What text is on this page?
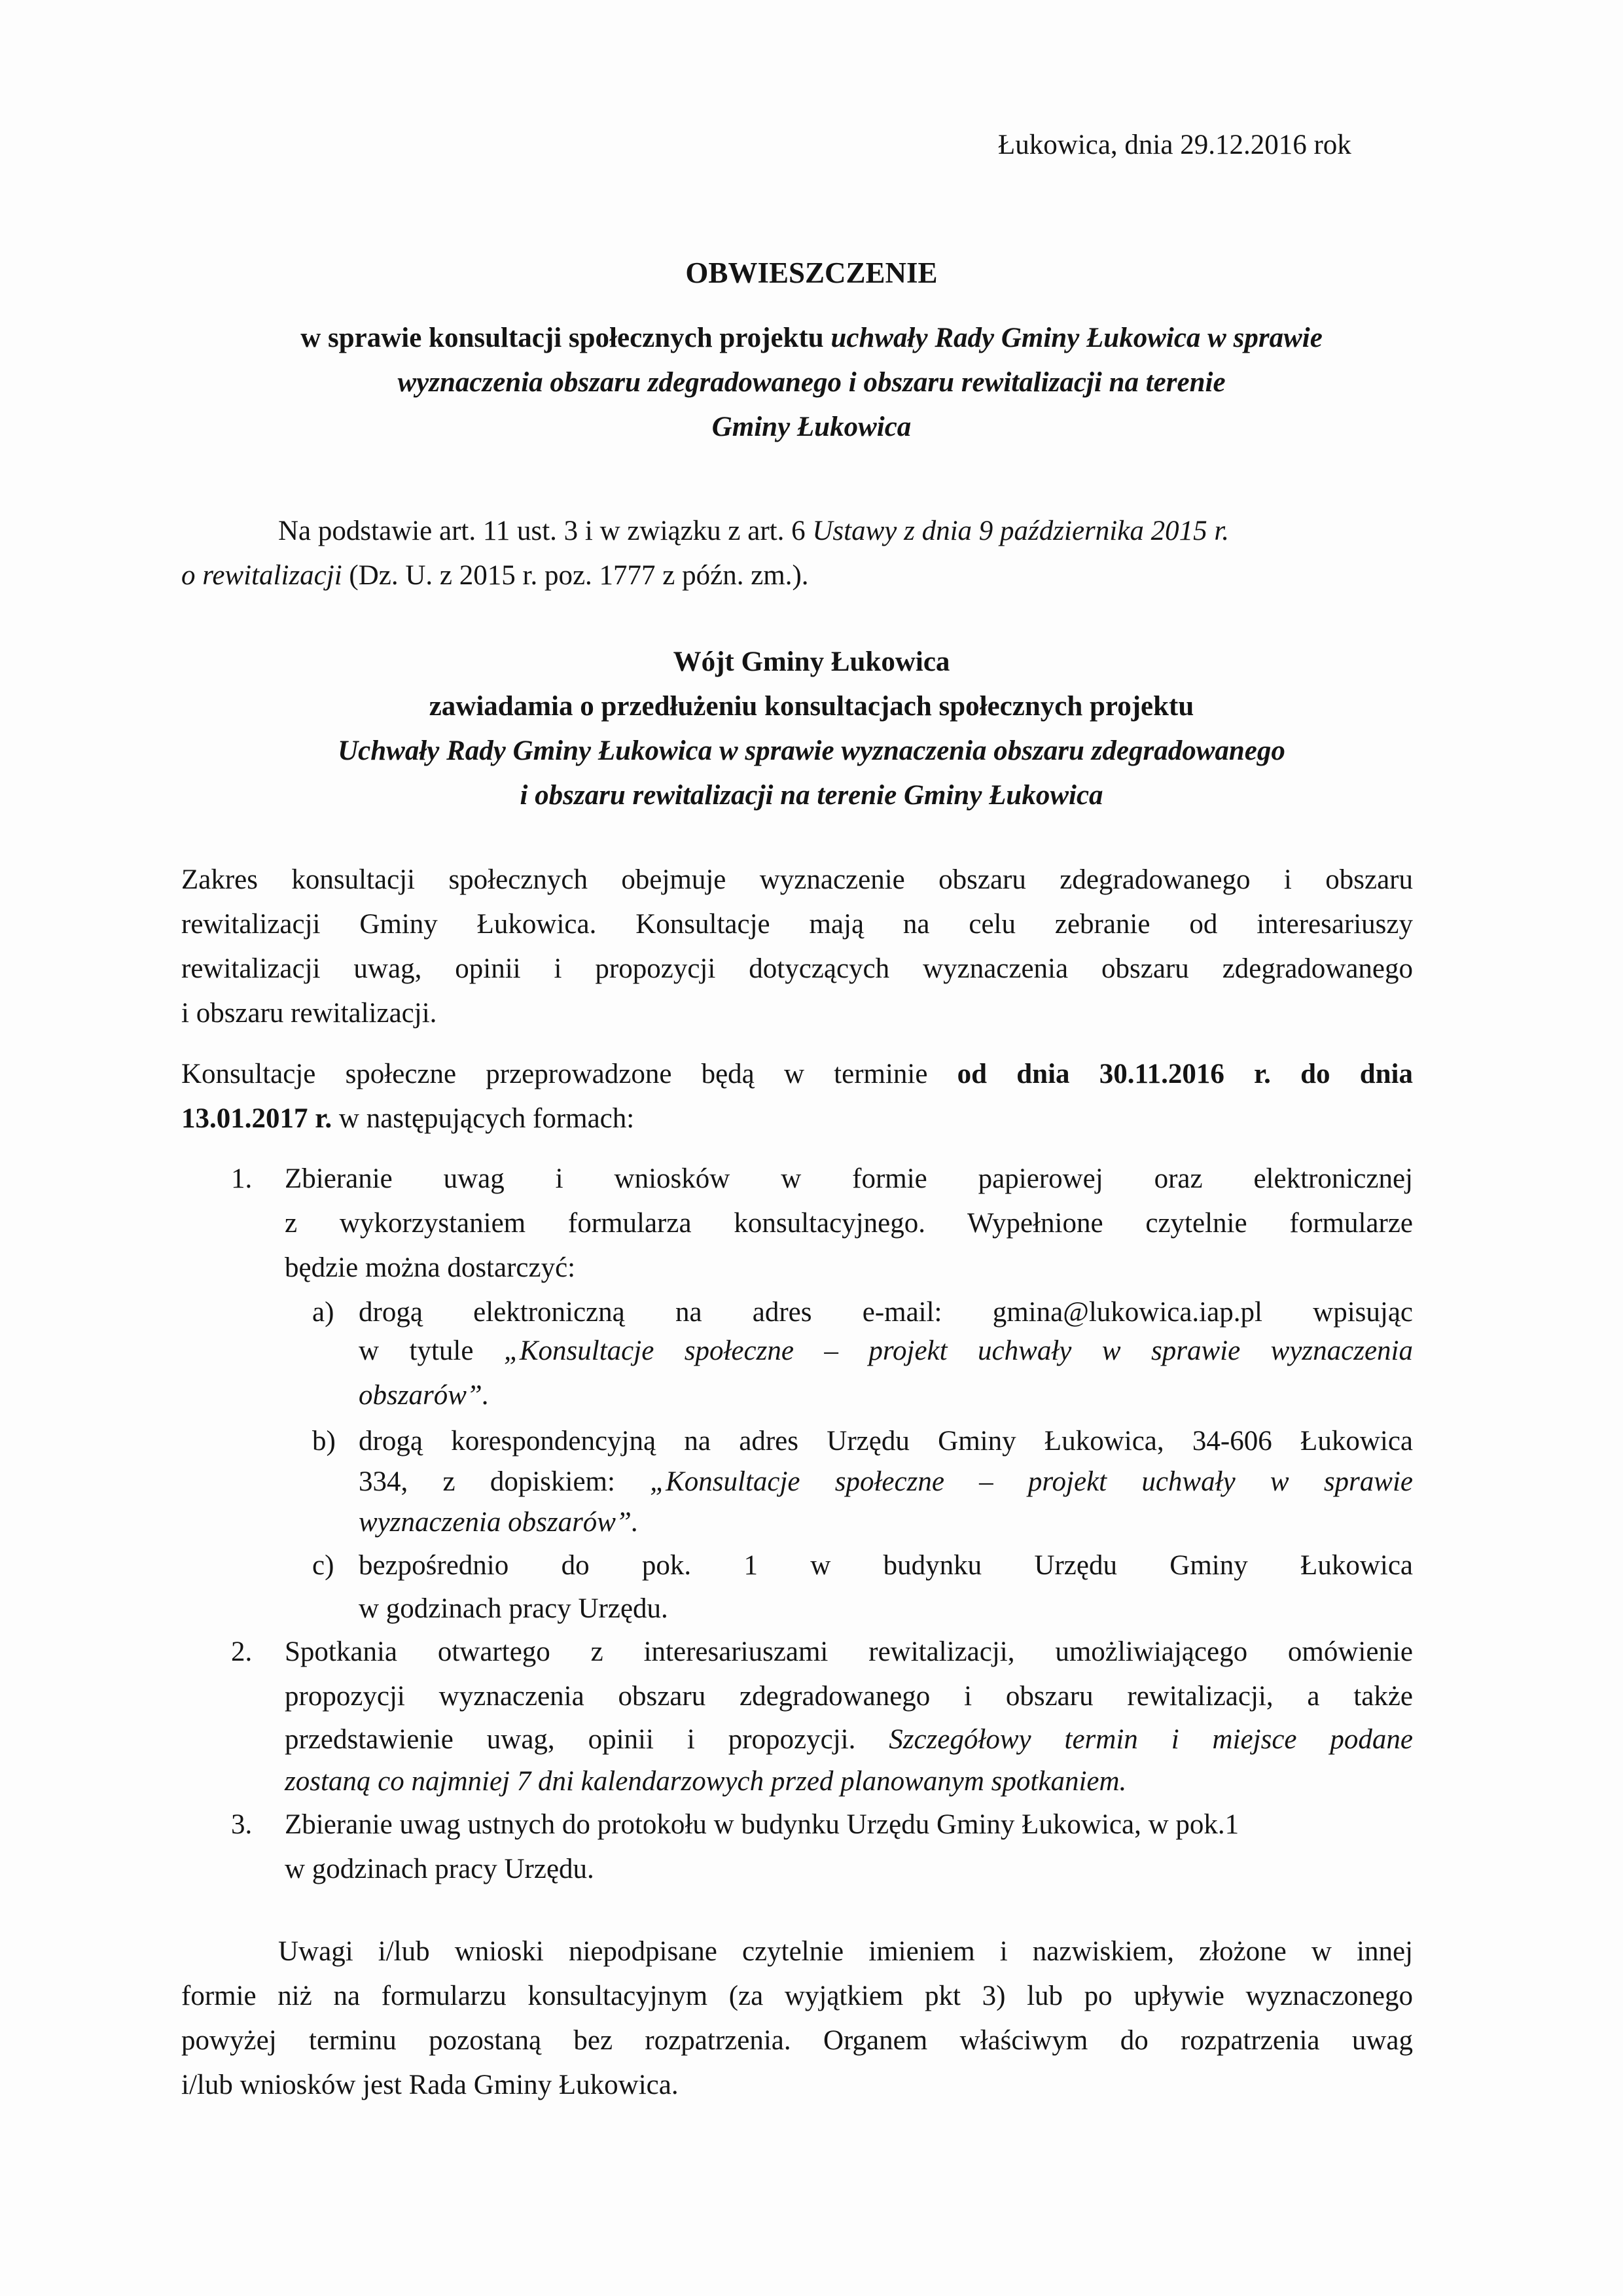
Łukowica, dnia 29.12.2016 rok
OBWIESZCZENIE
w sprawie konsultacji społecznych projektu uchwały Rady Gminy Łukowica w sprawie
wyznaczenia obszaru zdegradowanego i obszaru rewitalizacji na terenie
Gminy Łukowica
Na podstawie art. 11 ust. 3 i w związku z art. 6 Ustawy z dnia 9 października 2015 r.
o rewitalizacji (Dz. U. z 2015 r. poz. 1777 z późn. zm.).
Wójt Gminy Łukowica
zawiadamia o przedłużeniu konsultacjach społecznych projektu
Uchwały Rady Gminy Łukowica w sprawie wyznaczenia obszaru zdegradowanego
i obszaru rewitalizacji na terenie Gminy Łukowica
Zakres konsultacji społecznych obejmuje wyznaczenie obszaru zdegradowanego i obszaru
rewitalizacji Gminy Łukowica. Konsultacje mają na celu zebranie od interesariuszy
rewitalizacji uwag, opinii i propozycji dotyczących wyznaczenia obszaru zdegradowanego
i obszaru rewitalizacji.
Konsultacje społeczne przeprowadzone będą w terminie od dnia 30.11.2016 r. do dnia
13.01.2017 r. w następujących formach:
1. Zbieranie uwag i wniosków w formie papierowej oraz elektronicznej
z wykorzystaniem formularza konsultacyjnego. Wypełnione czytelnie formularze
będzie można dostarczyć:
a) drogą elektroniczną na adres e-mail: gmina@lukowica.iap.pl wpisując
w tytule „Konsultacje społeczne – projekt uchwały w sprawie wyznaczenia
obszarów”.
b) drogą korespondencyjną na adres Urzędu Gminy Łukowica, 34-606 Łukowica
334, z dopiskiem: „Konsultacje społeczne – projekt uchwały w sprawie
wyznaczenia obszarów”.
c) bezpośrednio do pok. 1 w budynku Urzędu Gminy Łukowica
w godzinach pracy Urzędu.
2. Spotkania otwartego z interesariuszami rewitalizacji, umożliwiającego omówienie
propozycji wyznaczenia obszaru zdegradowanego i obszaru rewitalizacji, a także
przedstawienie uwag, opinii i propozycji. Szczegółowy termin i miejsce podane
zostaną co najmniej 7 dni kalendarzowych przed planowanym spotkaniem.
3. Zbieranie uwag ustnych do protokołu w budynku Urzędu Gminy Łukowica, w pok.1
w godzinach pracy Urzędu.
Uwagi i/lub wnioski niepodpisane czytelnie imieniem i nazwiskiem, złożone w innej
formie niż na formularzu konsultacyjnym (za wyjątkiem pkt 3) lub po upływie wyznaczonego
powyżej terminu pozostaną bez rozpatrzenia. Organem właściwym do rozpatrzenia uwag
i/lub wniosków jest Rada Gminy Łukowica.
